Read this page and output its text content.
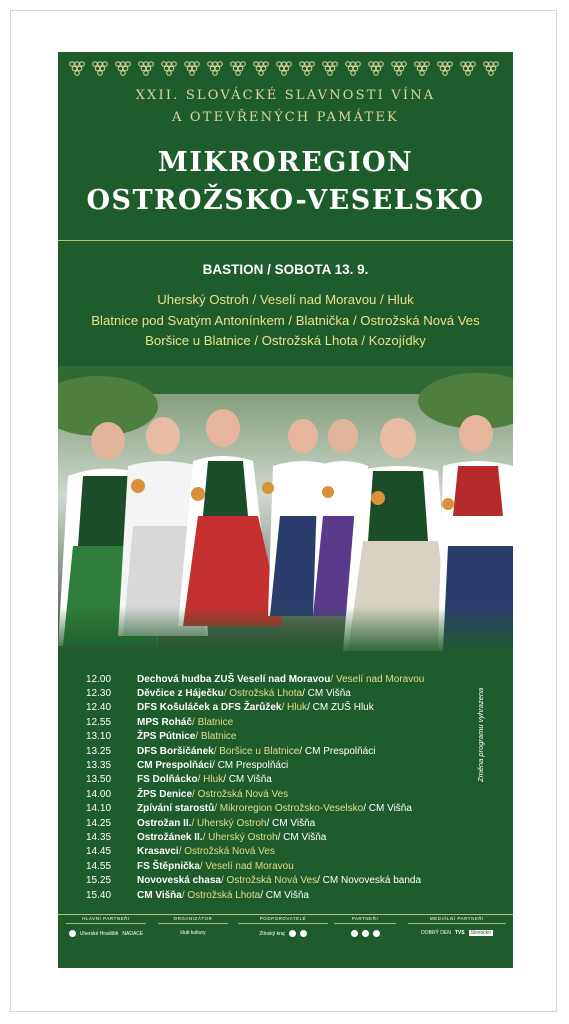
XXII. SLOVÁCKÉ SLAVNOSTI VÍNA
A OTEVŘENÝCH PAMÁTEK
MIKROREGION
OSTROŽSKO-VESELSKO
BASTION / SOBOTA 13. 9.
Uherský Ostroh / Veselí nad Moravou / Hluk
Blatnice pod Svatým Antonínkem / Blatnička / Ostrožská Nová Ves
Boršice u Blatnice / Ostrožská Lhota / Kozojídky
12.00	Dechová hudba ZUŠ Veselí nad Moravou / Veselí nad Moravou
12.30	Děvčice z Háječku / Ostrožská Lhota / CM Višňa
12.40	DFS Košuláček a DFS Žarůžek / Hluk / CM ZUŠ Hluk
12.55	MPS Roháč / Blatnice
13.10	ŽPS Pútnice / Blatnice
13.25	DFS Boršičánek / Boršice u Blatnice / CM Prespolňáci
13.35	CM Prespolňáci / CM Prespolňáci
13.50	FS Dolňácko / Hluk / CM Višňa
14.00	ŽPS Denice / Ostrožská Nová Ves
14.10	Zpívání starostů / Mikroregion Ostrožsko-Veselsko / CM Višňa
14.25	Ostrožan II. / Uherský Ostroh / CM Višňa
14.35	Ostrožánek II. / Uherský Ostroh / CM Višňa
14.45	Krasavci / Ostrožská Nová Ves
14.55	FS Štěpnička / Veselí nad Moravou
15.25	Novoveská chasa / Ostrožská Nová Ves / CM Novoveská banda
15.40	CM Višňa / Ostrožská Lhota / CM Višňa
Změna programu vyhrazena
HLAVNÍ PARTNEŘI
Uherské Hradiště NADACE
ORGANIZÁTOR
klub kultury
PODPOROVATELÉ
Zlínský kraj
PARTNEŘI	MEDIÁLNÍ PARTNEŘI
DOBRÝ DEN TVS	Slovácko
